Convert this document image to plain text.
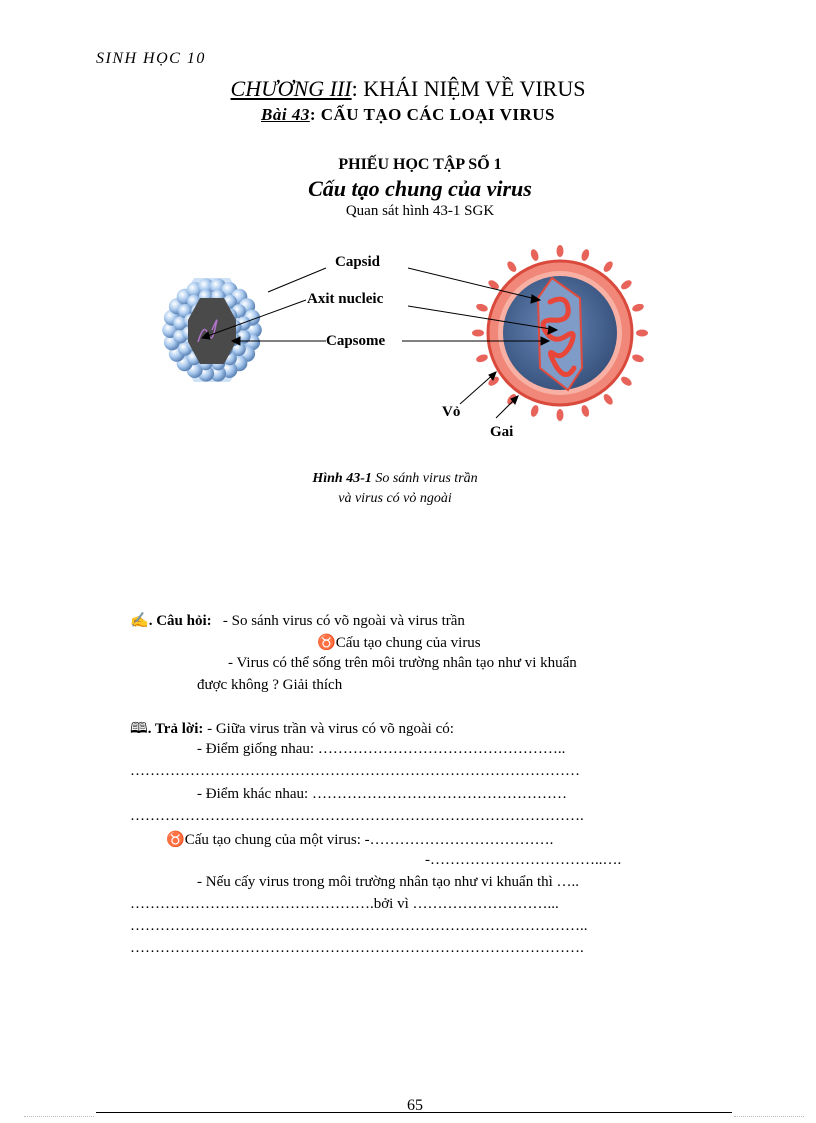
SINH HỌC 10
CHƯƠNG III: KHÁI NIỆM VỀ VIRUS
Bài 43: CẤU TẠO CÁC LOẠI VIRUS
PHIẾU HỌC TẬP SỐ 1
Cấu tạo chung của virus
Quan sát hình 43-1 SGK
Capsid
Axit nucleic
Capsome
Vỏ
Gai
Hình 43-1 So sánh virus trần
và virus có vỏ ngoài
✍. Câu hỏi: - So sánh virus có võ ngoài và virus trần
♉Cấu tạo chung của virus
- Virus có thể sống trên môi trường nhân tạo như vi khuẩn
được không ? Giải thích
🕮. Trả lời: - Giữa virus trần và virus có võ ngoài có:
- Điểm giống nhau: …………………………………………..
………………………………………………………………………………
- Điểm khác nhau: ……………………………………………
……………………………………………………………………………….
♉Cấu tạo chung của một virus: -……………………………….
-……………………………..….
- Nếu cấy virus trong môi trường nhân tạo như vi khuẩn thì …..
………………………………………….bởi vì ………………………...
………………………………………………………………………………..
……………………………………………………………………………….
65
